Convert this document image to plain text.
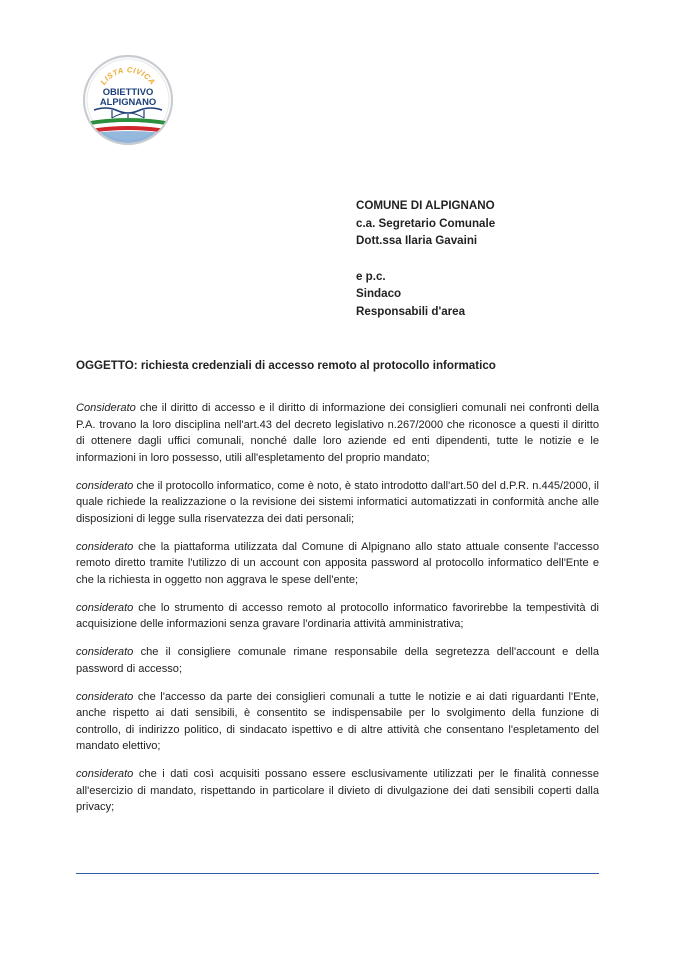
LISTA CIVICA
OBIETTIVO
ALPIGNANO
COMUNE DI ALPIGNANO
c.a. Segretario Comunale
Dott.ssa Ilaria Gavaini
e p.c.
Sindaco
Responsabili d'area
OGGETTO: richiesta credenziali di accesso remoto al protocollo informatico

Considerato che il diritto di accesso e il diritto di informazione dei consiglieri comunali nei confronti della P.A. trovano la loro disciplina nell'art.43 del decreto legislativo n.267/2000 che riconosce a questi il diritto di ottenere dagli uffici comunali, nonché dalle loro aziende ed enti dipendenti, tutte le notizie e le informazioni in loro possesso, utili all'espletamento del proprio mandato;

considerato che il protocollo informatico, come è noto, è stato introdotto dall'art.50 del d.P.R. n.445/2000, il quale richiede la realizzazione o la revisione dei sistemi informatici automatizzati in conformità anche alle disposizioni di legge sulla riservatezza dei dati personali;

considerato che la piattaforma utilizzata dal Comune di Alpignano allo stato attuale consente l'accesso remoto diretto tramite l'utilizzo di un account con apposita password al protocollo informatico dell'Ente e che la richiesta in oggetto non aggrava le spese dell'ente;

considerato che lo strumento di accesso remoto al protocollo informatico favorirebbe la tempestività di acquisizione delle informazioni senza gravare l'ordinaria attività amministrativa;

considerato che il consigliere comunale rimane responsabile della segretezza dell'account e della password di accesso;

considerato che l'accesso da parte dei consiglieri comunali a tutte le notizie e ai dati riguardanti l'Ente, anche rispetto ai dati sensibili, è consentito se indispensabile per lo svolgimento della funzione di controllo, di indirizzo politico, di sindacato ispettivo e di altre attività che consentano l'espletamento del mandato elettivo;

considerato che i dati così acquisiti possano essere esclusivamente utilizzati per le finalità connesse all'esercizio di mandato, rispettando in particolare il divieto di divulgazione dei dati sensibili coperti dalla privacy;
